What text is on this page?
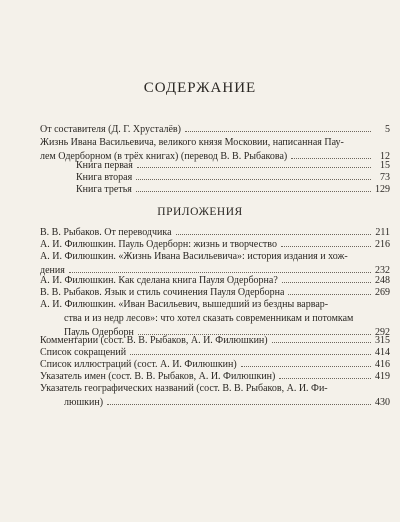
СОДЕРЖАНИЕ
От составителя (Д. Г. Хрусталёв)	5
Жизнь Ивана Васильевича, великого князя Московии, написанная Пау-
лем Одерборном (в трёх книгах) (перевод В. В. Рыбакова)	12
Книга первая	15
Книга вторая	73
Книга третья	129
ПРИЛОЖЕНИЯ
В. В. Рыбаков. От переводчика	211
А. И. Филюшкин. Пауль Одерборн: жизнь и творчество	216
А. И. Филюшкин. «Жизнь Ивана Васильевича»: история издания и хож-
дения	232
А. И. Филюшкин. Как сделана книга Пауля Одерборна?	248
В. В. Рыбаков. Язык и стиль сочинения Пауля Одерборна	269
А. И. Филюшкин. «Иван Васильевич, вышедший из бездны варвар-
ства и из недр лесов»: что хотел сказать современникам и потомкам
Пауль Одерборн	292
Комментарии (сост. В. В. Рыбаков, А. И. Филюшкин)	315
Список сокращений	414
Список иллюстраций (сост. А. И. Филюшкин)	416
Указатель имен (сост. В. В. Рыбаков, А. И. Филюшкин)	419
Указатель географических названий (сост. В. В. Рыбаков, А. И. Фи-
люшкин)	430
